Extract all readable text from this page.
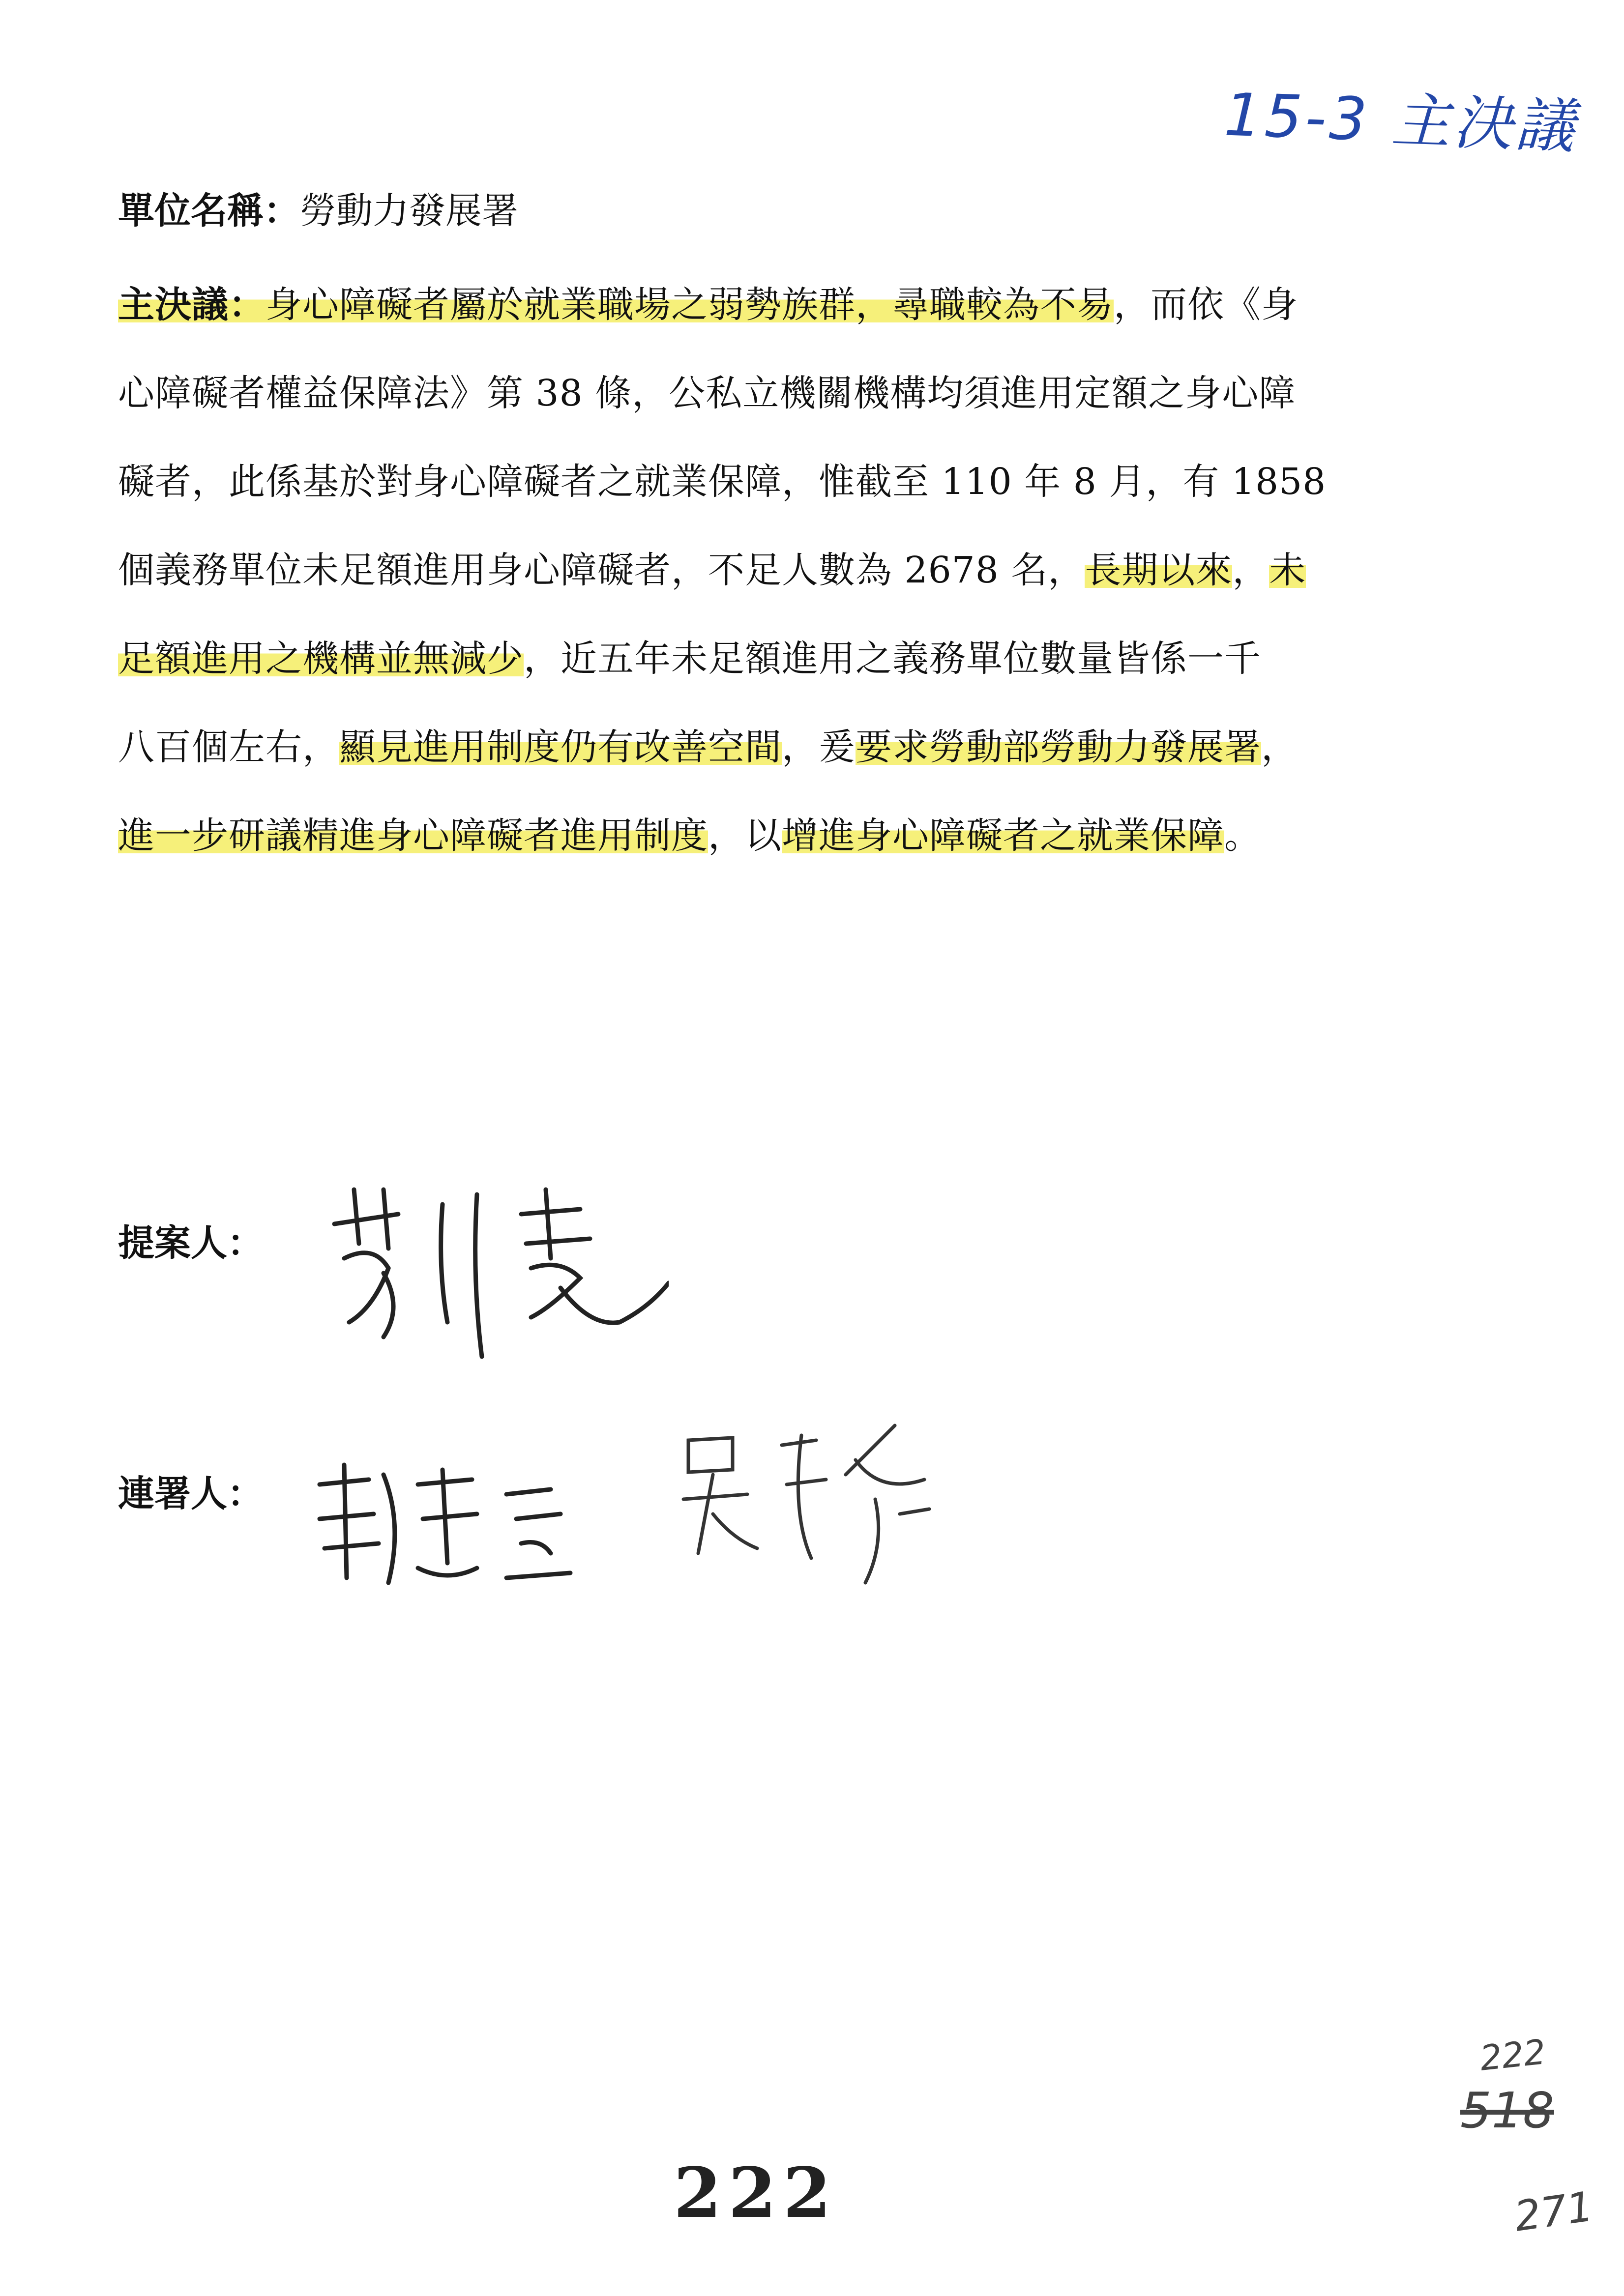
15-3 主決議
單位名稱：勞動力發展署
主決議：身心障礙者屬於就業職場之弱勢族群，尋職較為不易，而依《身
心障礙者權益保障法》第 38 條，公私立機關機構均須進用定額之身心障
礙者，此係基於對身心障礙者之就業保障，惟截至 110 年 8 月，有 1858
個義務單位未足額進用身心障礙者，不足人數為 2678 名，長期以來，未
足額進用之機構並無減少，近五年未足額進用之義務單位數量皆係一千
八百個左右，顯見進用制度仍有改善空間，爰要求勞動部勞動力發展署，
進一步研議精進身心障礙者進用制度，以增進身心障礙者之就業保障。
提案人：
連署人：
222
222
518
271
